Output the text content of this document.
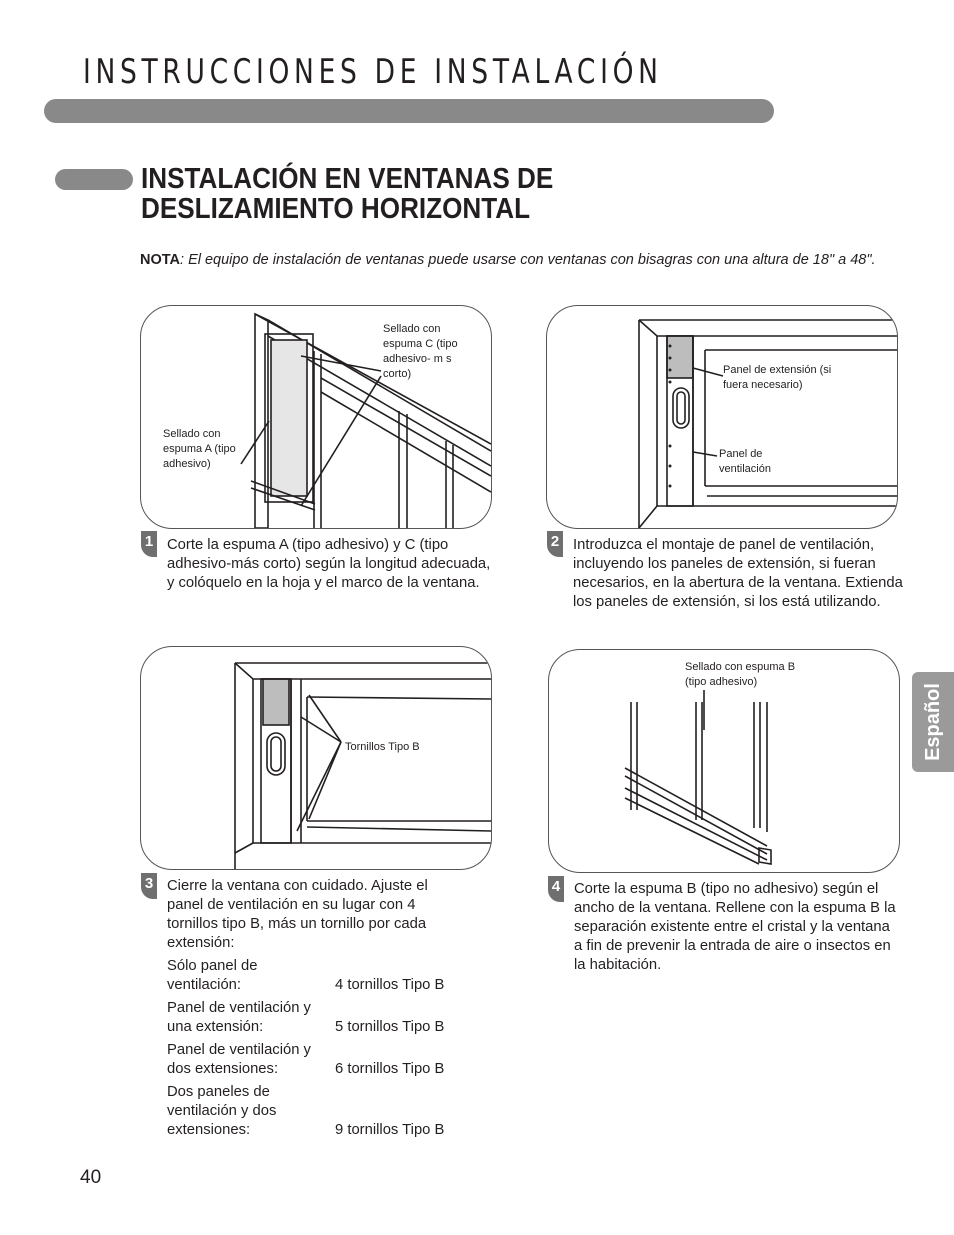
INSTRUCCIONES DE INSTALACIÓN
INSTALACIÓN EN VENTANAS DE
DESLIZAMIENTO HORIZONTAL
NOTA: El equipo de instalación de ventanas puede usarse con ventanas con bisagras con una altura de 18" a 48".
Sellado con espuma C (tipo adhesivo- m s corto)
Sellado con espuma A (tipo adhesivo)
1 Corte la espuma A (tipo adhesivo) y C (tipo adhesivo-más corto) según la longitud adecuada, y colóquelo en la hoja y el marco de la ventana.
Panel de extensión (si fuera necesario)
Panel de ventilación
2 Introduzca el montaje de panel de ventilación, incluyendo los paneles de extensión, si fueran necesarios, en la abertura de la ventana. Extienda los paneles de extensión, si los está utilizando.
Tornillos Tipo B
3 Cierre la ventana con cuidado. Ajuste el panel de ventilación en su lugar con 4 tornillos tipo B, más un tornillo por cada extensión:
Sólo panel de ventilación:	4 tornillos Tipo B
Panel de ventilación y una extensión:	5 tornillos Tipo B
Panel de ventilación y dos extensiones:	6 tornillos Tipo B
Dos paneles de ventilación y dos extensiones:	9 tornillos Tipo B
Sellado con espuma B (tipo adhesivo)
4 Corte la espuma B (tipo no adhesivo) según el ancho de la ventana. Rellene con la espuma B la separación existente entre el cristal y la ventana a fin de prevenir la entrada de aire o insectos en la habitación.
Español
40
